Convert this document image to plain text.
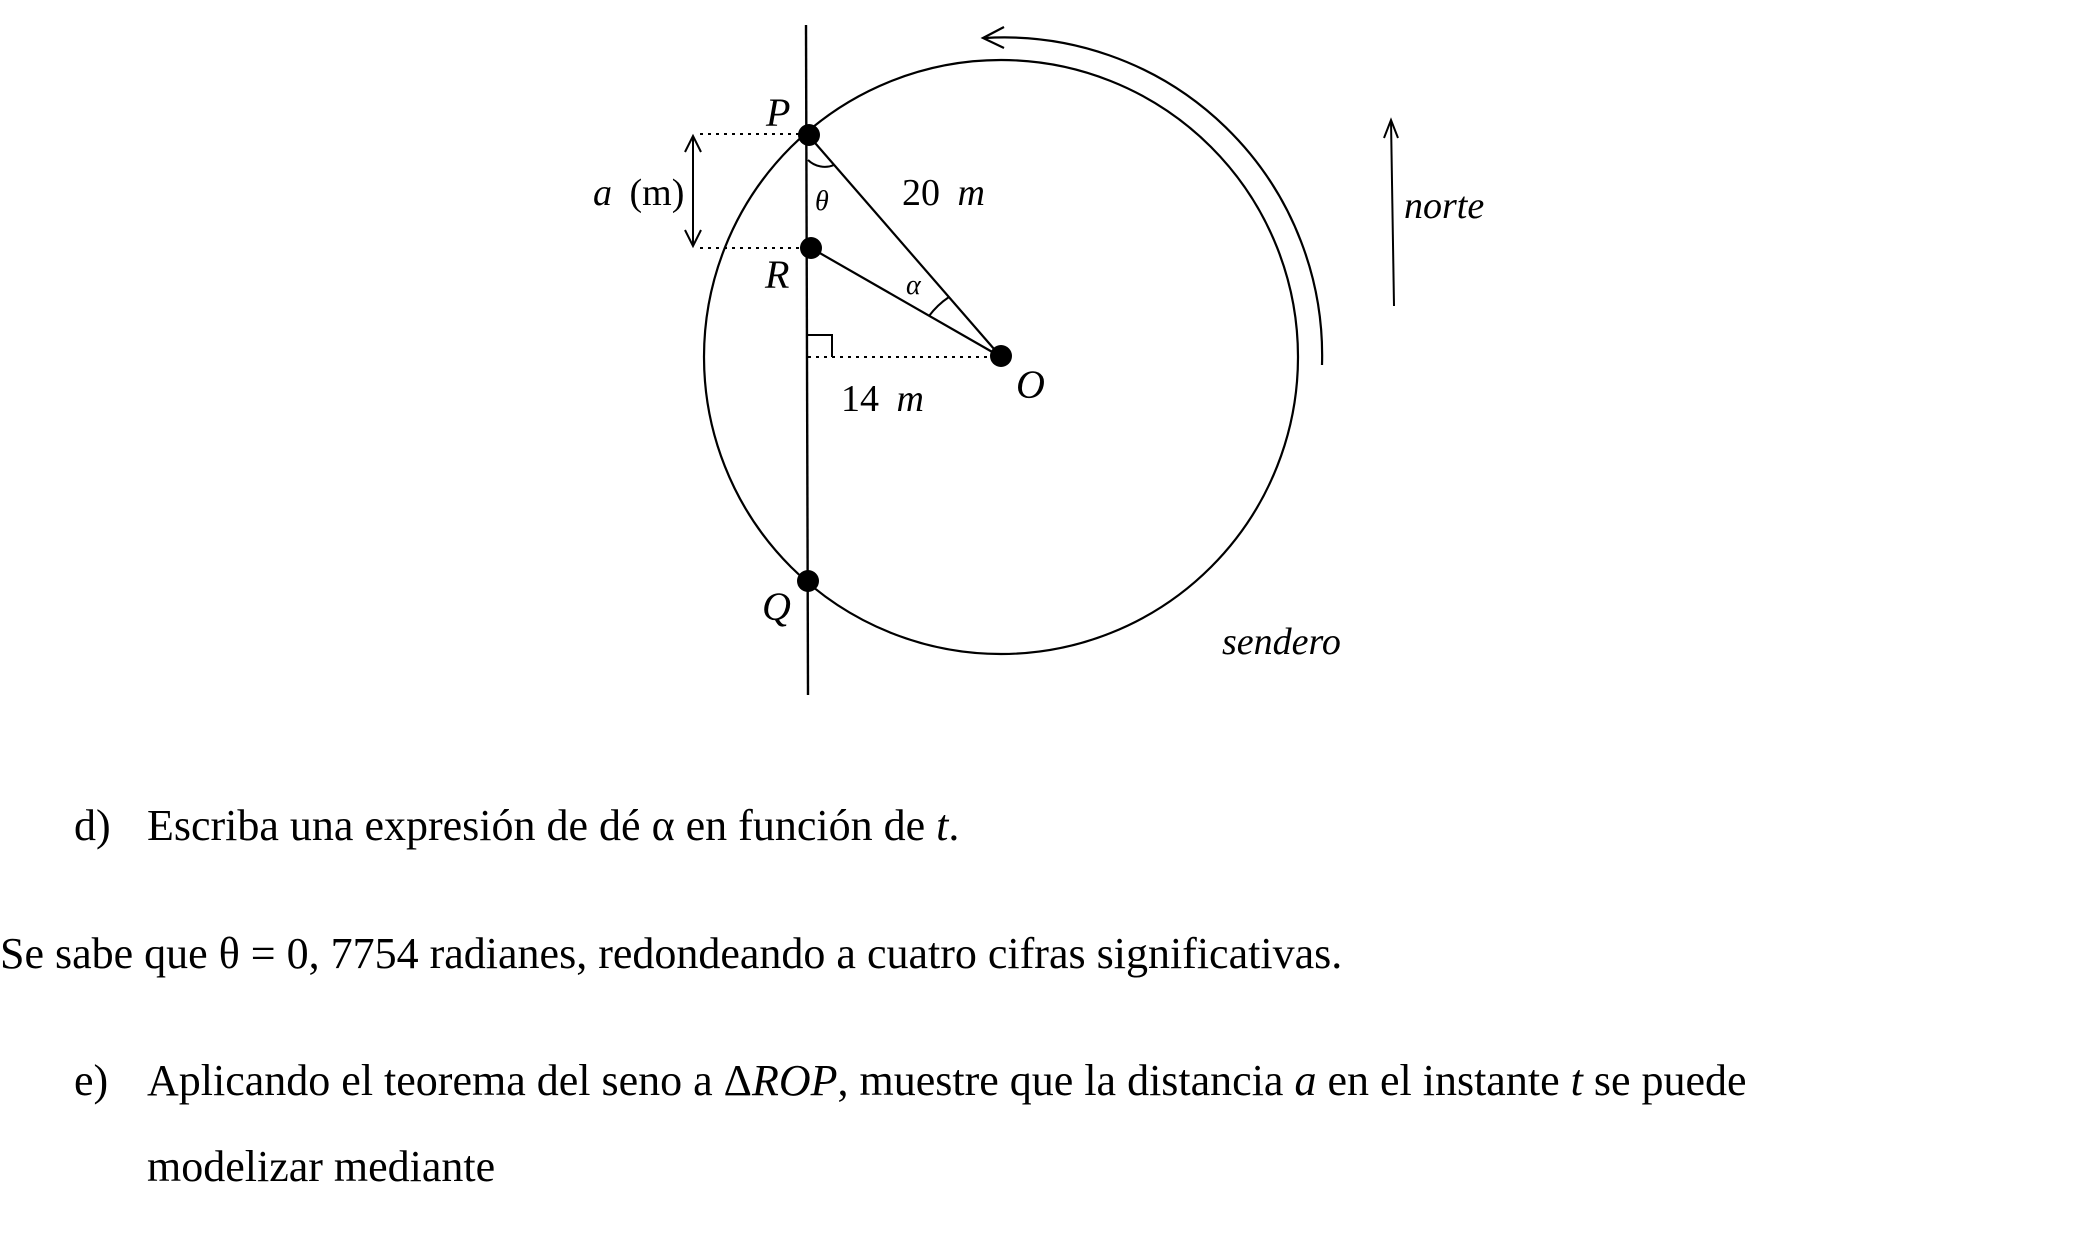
P
R
Q
O
θ
α
20 m
14 m
a (m)	norte
sendero
d) Escriba una expresión de dé α en función de t.
Se sabe que θ = 0, 7754 radianes, redondeando a cuatro cifras significativas.
e) Aplicando el teorema del seno a ΔROP, muestre que la distancia a en el instante t se puede
modelizar mediante
